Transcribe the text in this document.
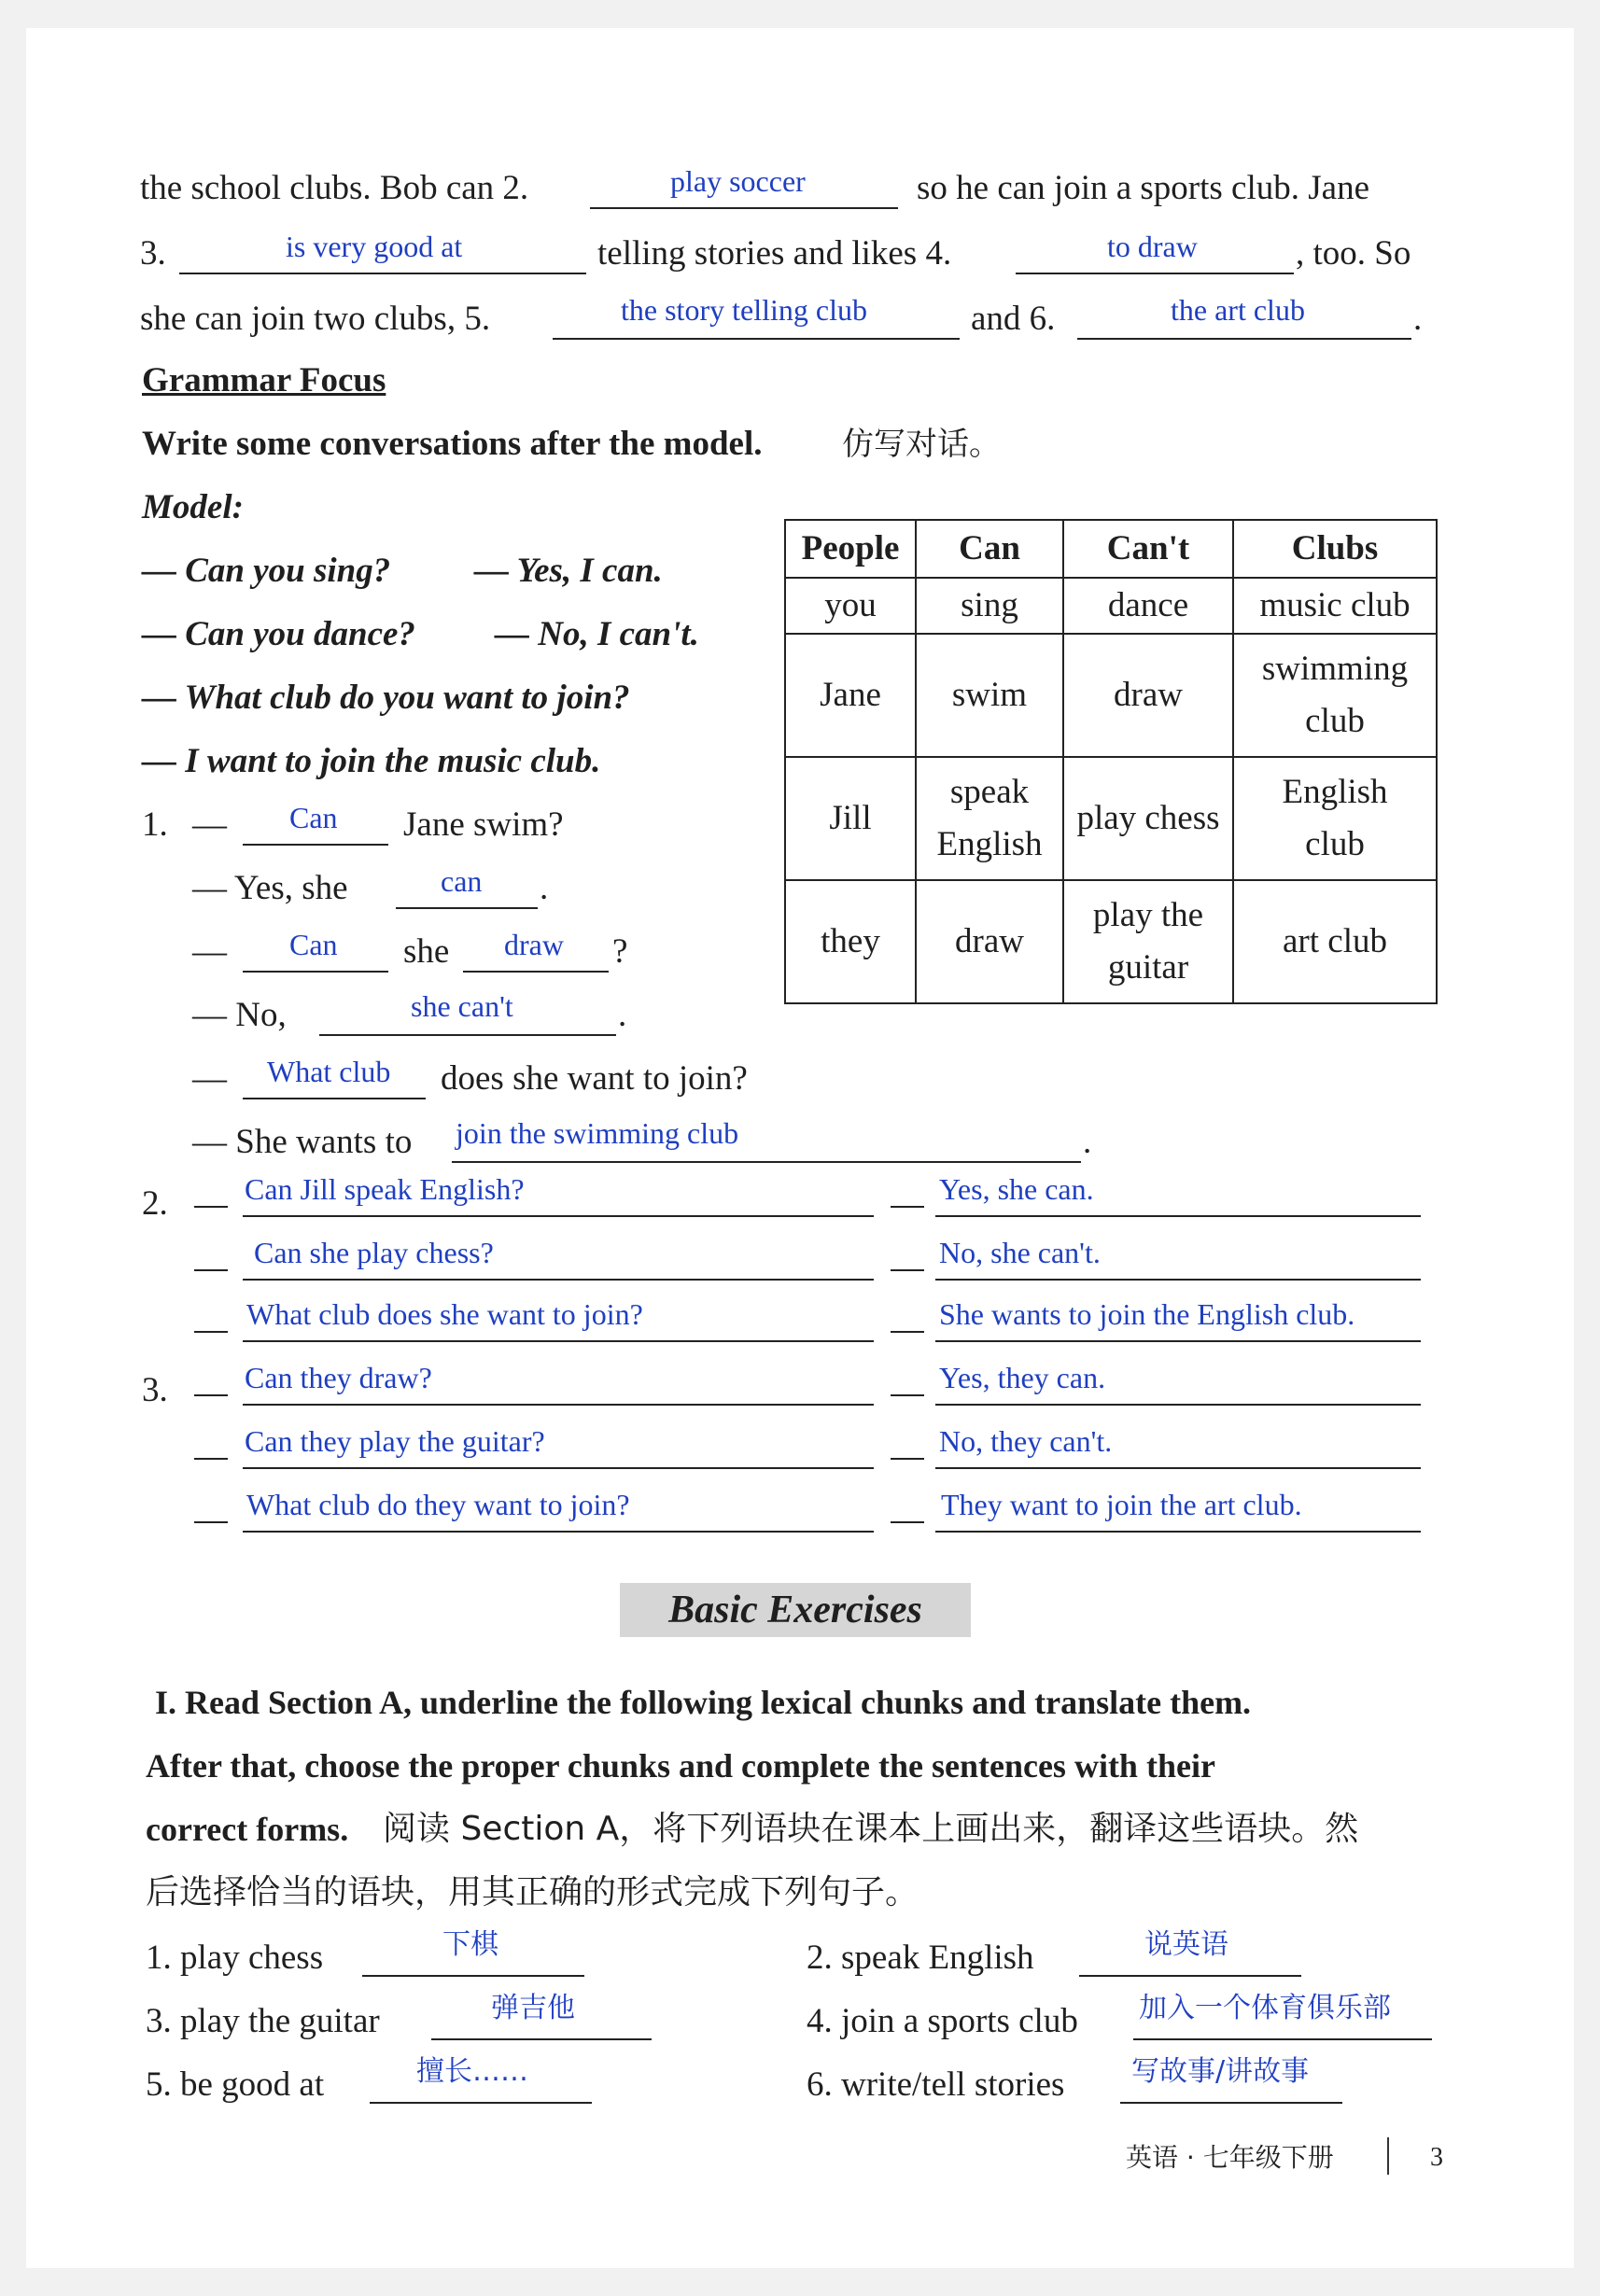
the school clubs. Bob can 2.	play soccer	so he can join a sports club. Jane
3.	is very good at	telling stories and likes 4.	to draw	, too. So
she can join two clubs, 5.	the story telling club	and 6.	the art club	.
Grammar Focus
Write some conversations after the model.	仿写对话。
Model:
— Can you sing? — Yes, I can.
— Can you dance? — No, I can't.
— What club do you want to join?
— I want to join the music club.
People	Can	Can't	Clubs
you	sing	dance	music club
Jane	swim	draw	swimming club
Jill	speak English	play chess	English club
they	draw	play the guitar	art club
1. — Can Jane swim?
— Yes, she	can .
— Can she draw ?
— No,	she can't	.
— What club does she want to join?
— She wants to join the swimming club	.
2.	Can Jill speak English?	Yes, she can.
Can she play chess?	No, she can't.
What club does she want to join?	She wants to join the English club.
3.	Can they draw?	Yes, they can.
Can they play the guitar?	No, they can't.
What club do they want to join?	They want to join the art club.
Basic Exercises
I. Read Section A, underline the following lexical chunks and translate them.
After that, choose the proper chunks and complete the sentences with their
correct forms. 阅读 Section A，将下列语块在课本上画出来，翻译这些语块。然
后选择恰当的语块，用其正确的形式完成下列句子。
1. play chess	下棋	2. speak English	说英语
3. play the guitar	弹吉他	4. join a sports club 加入一个体育俱乐部
5. be good at	擅长……	6. write/tell stories 写故事/讲故事
英语 · 七年级下册	3
